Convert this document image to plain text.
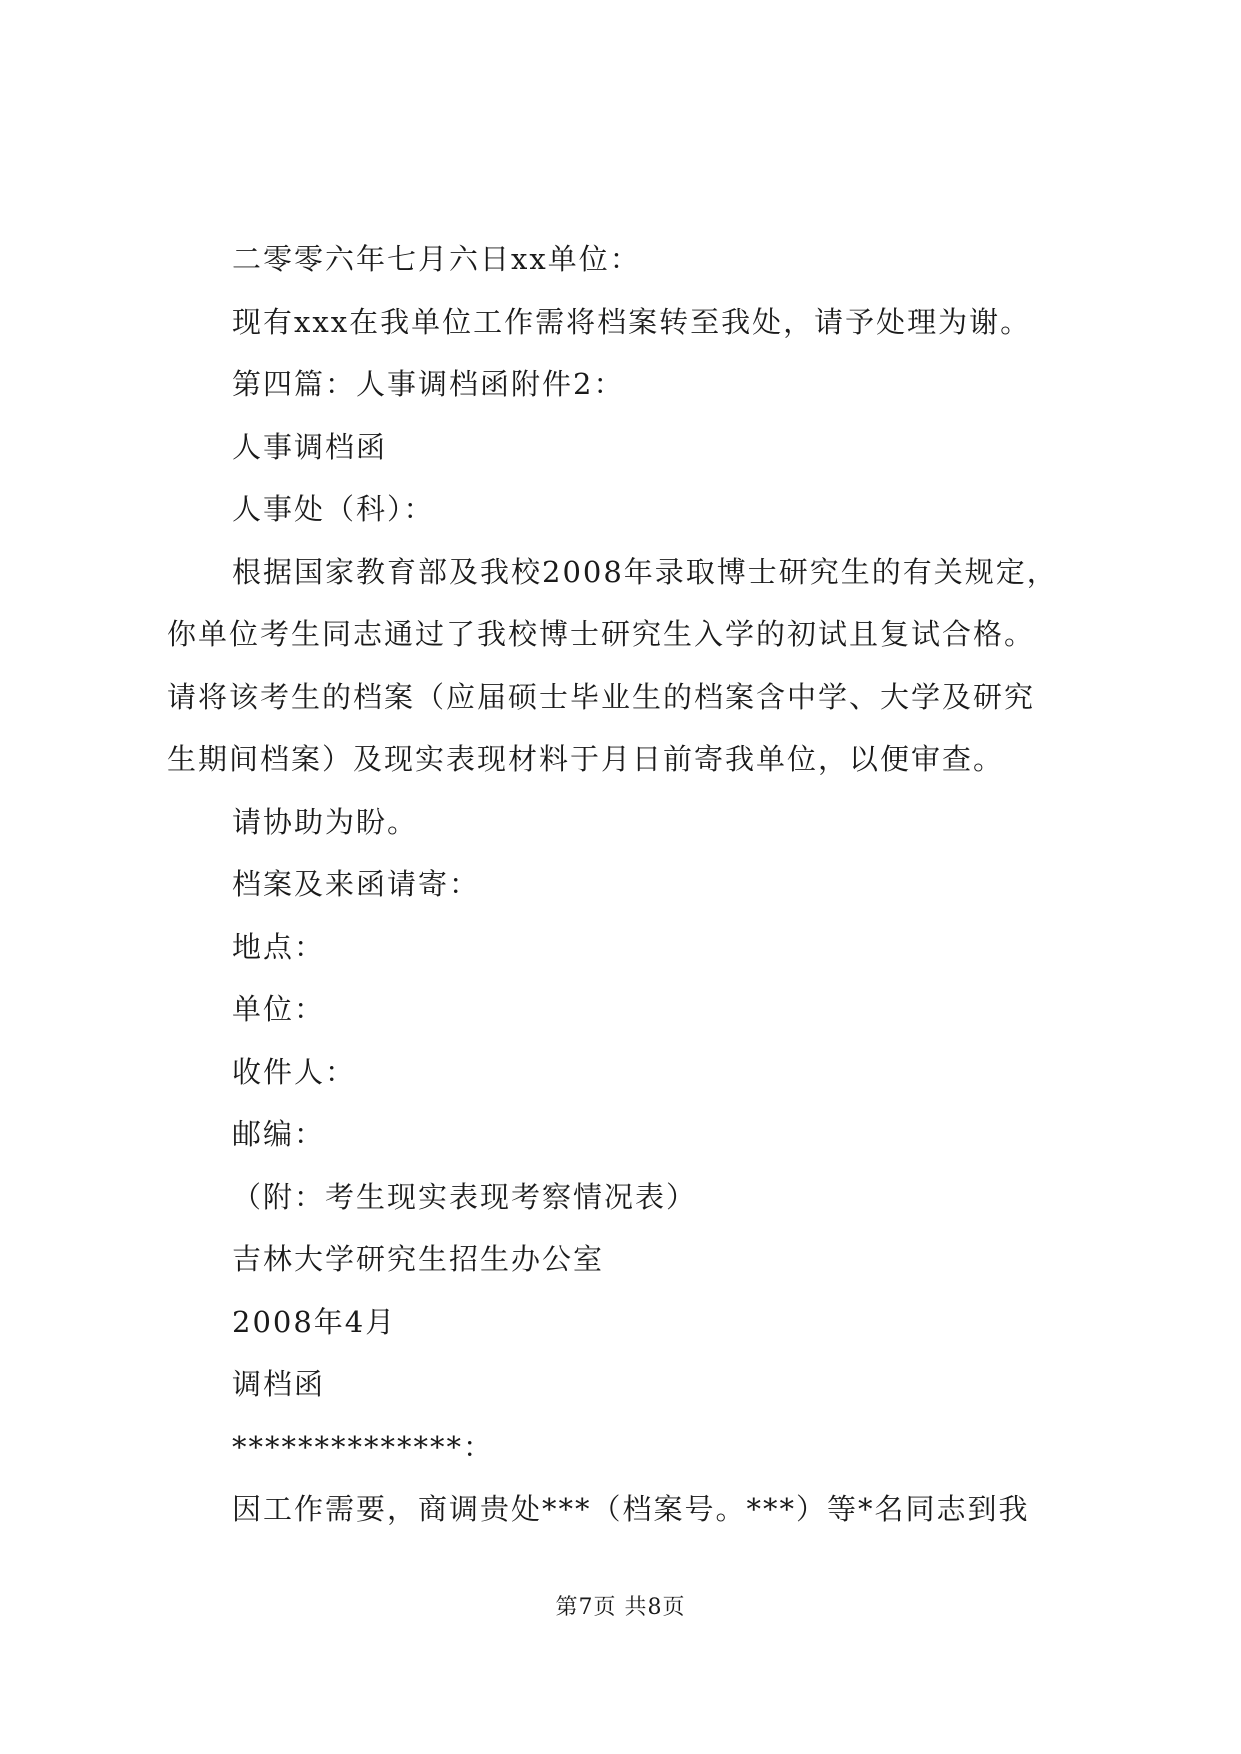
二零零六年七月六日xx单位：
现有xxx在我单位工作需将档案转至我处，请予处理为谢。
第四篇：人事调档函附件2：
人事调档函
人事处（科）：
根据国家教育部及我校2008年录取博士研究生的有关规定，
你单位考生同志通过了我校博士研究生入学的初试且复试合格。
请将该考生的档案（应届硕士毕业生的档案含中学、大学及研究
生期间档案）及现实表现材料于月日前寄我单位，以便审查。
请协助为盼。
档案及来函请寄：
地点：
单位：
收件人：
邮编：
（附：考生现实表现考察情况表）
吉林大学研究生招生办公室
2008年4月
调档函
**************：
因工作需要，商调贵处***（档案号。***）等*名同志到我
第7页 共8页
